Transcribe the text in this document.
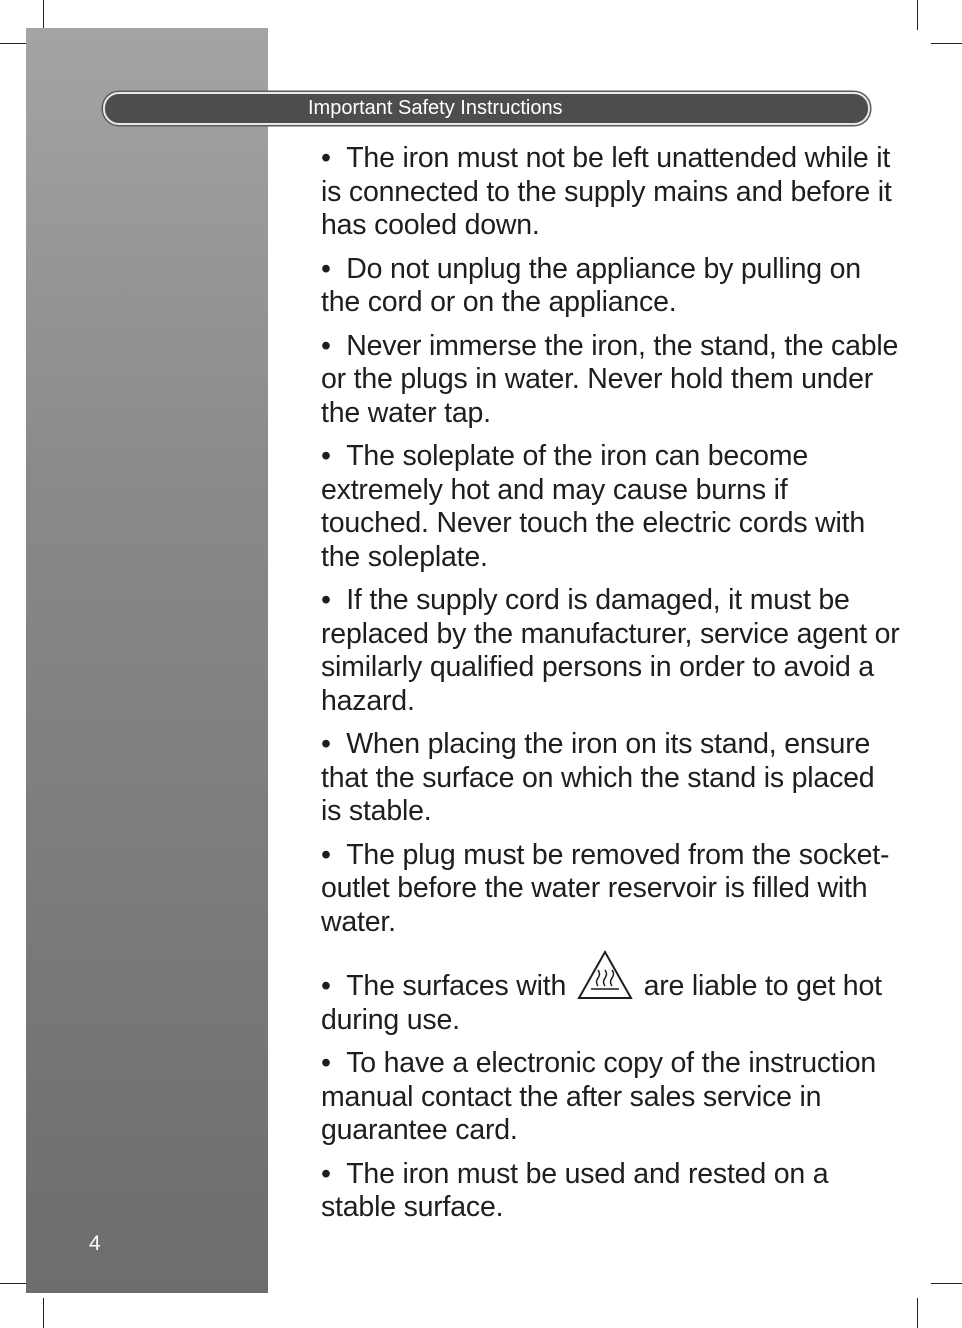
4
Important Safety Instructions

• The iron must not be left unattended while it is connected to the supply mains and before it has cooled down.

• Do not unplug the appliance by pulling on the cord or on the appliance.

• Never immerse the iron, the stand, the cable or the plugs in water. Never hold them under the water tap.

• The soleplate of the iron can become extremely hot and may cause burns if touched. Never touch the electric cords with the soleplate.

• If the supply cord is damaged, it must be replaced by the manufacturer, service agent or similarly qualified persons in order to avoid a hazard.

• When placing the iron on its stand, ensure that the surface on which the stand is placed is stable.

• The plug must be removed from the socket-outlet before the water reservoir is filled with water.

• The surfaces with	are liable to get hot during use.

• To have a electronic copy of the instruction manual contact the after sales service in guarantee card.

• The iron must be used and rested on a stable surface.
